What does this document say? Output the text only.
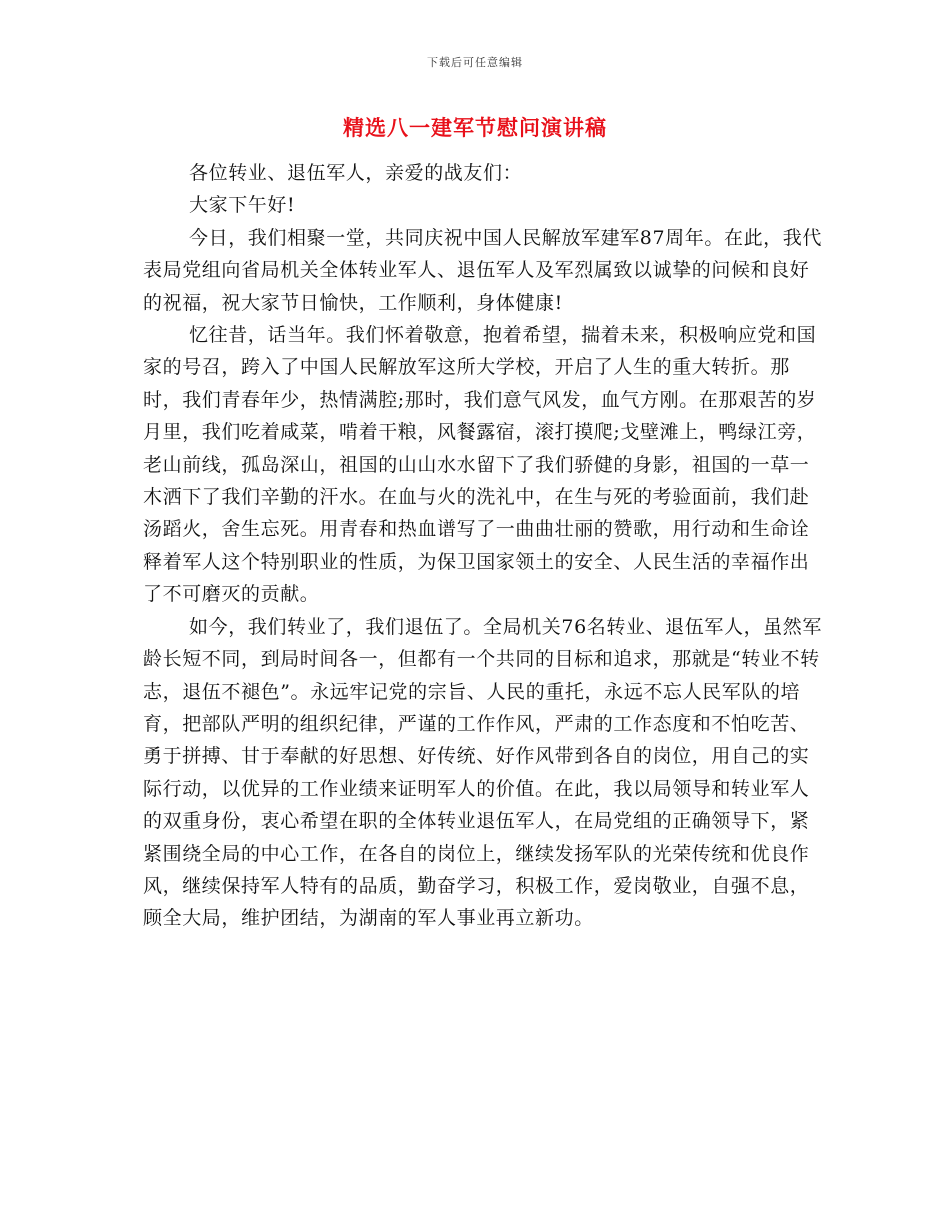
下载后可任意编辑
精选八一建军节慰问演讲稿

各位转业、退伍军人，亲爱的战友们：

大家下午好!

今日，我们相聚一堂，共同庆祝中国人民解放军建军87周年。在此，我代表局党组向省局机关全体转业军人、退伍军人及军烈属致以诚挚的问候和良好的祝福，祝大家节日愉快，工作顺利，身体健康!

忆往昔，话当年。我们怀着敬意，抱着希望，揣着未来，积极响应党和国家的号召，跨入了中国人民解放军这所大学校，开启了人生的重大转折。那时，我们青春年少，热情满腔;那时，我们意气风发，血气方刚。在那艰苦的岁月里，我们吃着咸菜，啃着干粮，风餐露宿，滚打摸爬;戈壁滩上，鸭绿江旁，老山前线，孤岛深山，祖国的山山水水留下了我们骄健的身影，祖国的一草一木洒下了我们辛勤的汗水。在血与火的洗礼中，在生与死的考验面前，我们赴汤蹈火，舍生忘死。用青春和热血谱写了一曲曲壮丽的赞歌，用行动和生命诠释着军人这个特别职业的性质，为保卫国家领土的安全、人民生活的幸福作出了不可磨灭的贡献。

如今，我们转业了，我们退伍了。全局机关76名转业、退伍军人，虽然军龄长短不同，到局时间各一，但都有一个共同的目标和追求，那就是“转业不转志，退伍不褪色”。永远牢记党的宗旨、人民的重托，永远不忘人民军队的培育，把部队严明的组织纪律，严谨的工作作风，严肃的工作态度和不怕吃苦、勇于拼搏、甘于奉献的好思想、好传统、好作风带到各自的岗位，用自己的实际行动，以优异的工作业绩来证明军人的价值。在此，我以局领导和转业军人的双重身份，衷心希望在职的全体转业退伍军人，在局党组的正确领导下，紧紧围绕全局的中心工作，在各自的岗位上，继续发扬军队的光荣传统和优良作风，继续保持军人特有的品质，勤奋学习，积极工作，爱岗敬业，自强不息，顾全大局，维护团结，为湖南的军人事业再立新功。
